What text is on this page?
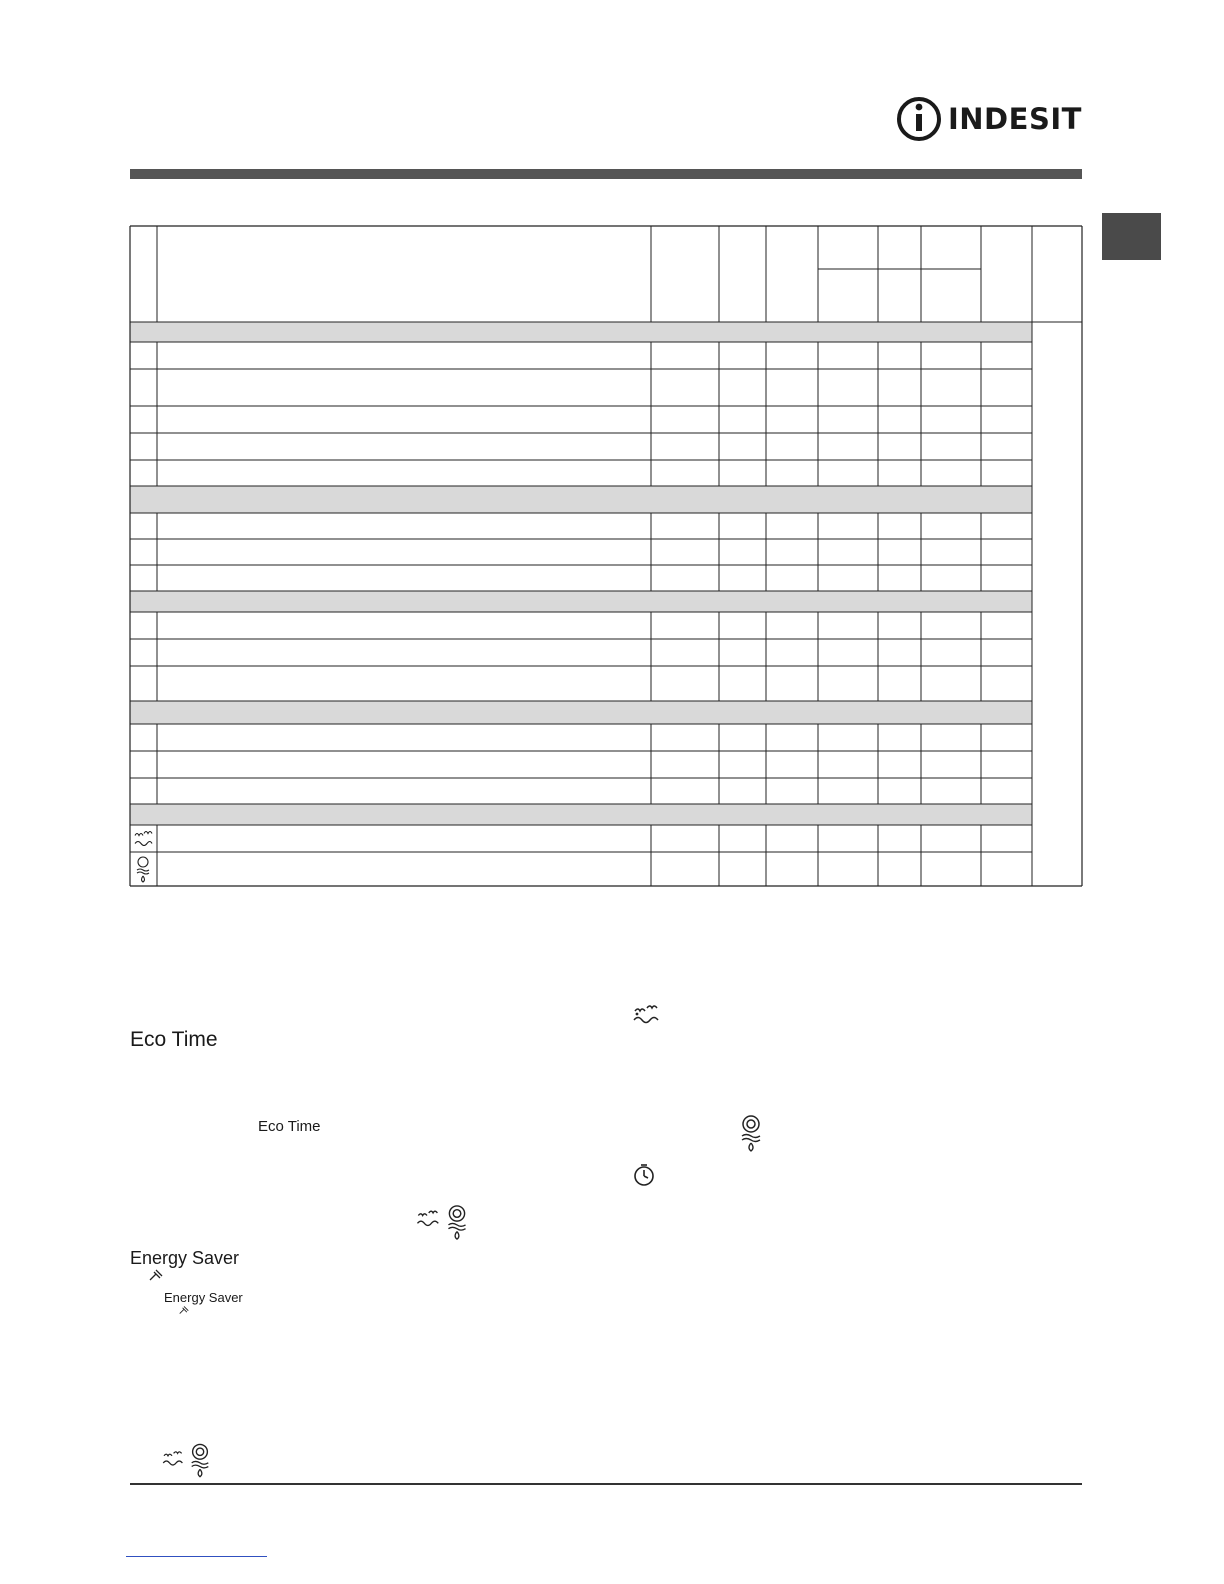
INDESIT
Eco Time
Eco Time
Energy Saver
Energy Saver
